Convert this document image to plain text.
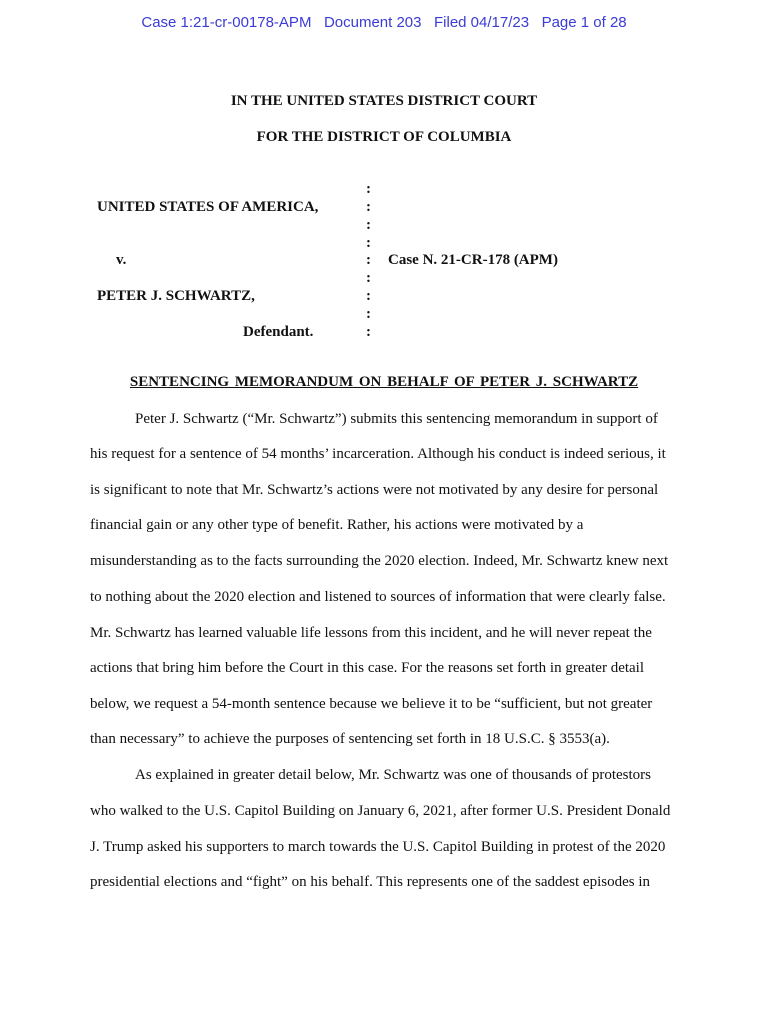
Case 1:21-cr-00178-APM   Document 203   Filed 04/17/23   Page 1 of 28
IN THE UNITED STATES DISTRICT COURT
FOR THE DISTRICT OF COLUMBIA
UNITED STATES OF AMERICA,
v.
PETER J. SCHWARTZ,
Defendant.
Case N. 21-CR-178 (APM)
:
:
:
:
:
:
:
:
:
SENTENCING MEMORANDUM ON BEHALF OF PETER J. SCHWARTZ
Peter J. Schwartz (“Mr. Schwartz”) submits this sentencing memorandum in support of
his request for a sentence of 54 months’ incarceration. Although his conduct is indeed serious, it
is significant to note that Mr. Schwartz’s actions were not motivated by any desire for personal
financial gain or any other type of benefit. Rather, his actions were motivated by a
misunderstanding as to the facts surrounding the 2020 election. Indeed, Mr. Schwartz knew next
to nothing about the 2020 election and listened to sources of information that were clearly false.
Mr. Schwartz has learned valuable life lessons from this incident, and he will never repeat the
actions that bring him before the Court in this case. For the reasons set forth in greater detail
below, we request a 54-month sentence because we believe it to be “sufficient, but not greater
than necessary” to achieve the purposes of sentencing set forth in 18 U.S.C. § 3553(a).
As explained in greater detail below, Mr. Schwartz was one of thousands of protestors
who walked to the U.S. Capitol Building on January 6, 2021, after former U.S. President Donald
J. Trump asked his supporters to march towards the U.S. Capitol Building in protest of the 2020
presidential elections and “fight” on his behalf. This represents one of the saddest episodes in
